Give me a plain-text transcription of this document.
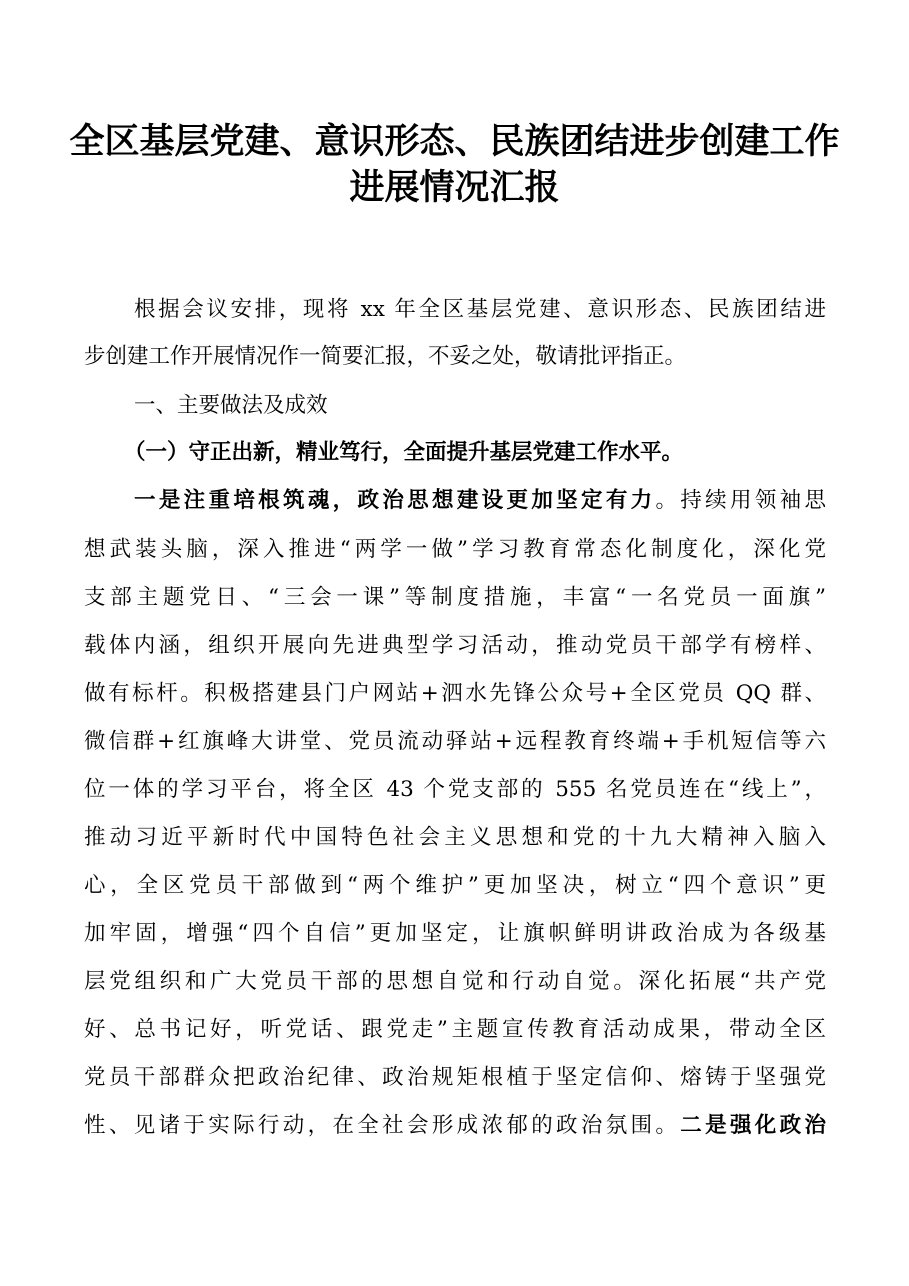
全区基层党建、意识形态、民族团结进步创建工作
进展情况汇报
根据会议安排，现将 xx 年全区基层党建、意识形态、民族团结进
步创建工作开展情况作一简要汇报，不妥之处，敬请批评指正。
一、主要做法及成效
（一）守正出新，精业笃行，全面提升基层党建工作水平。
一是注重培根筑魂，政治思想建设更加坚定有力。持续用领袖思
想武装头脑，深入推进“两学一做”学习教育常态化制度化，深化党
支部主题党日、“三会一课”等制度措施，丰富“一名党员一面旗”
载体内涵，组织开展向先进典型学习活动，推动党员干部学有榜样、
做有标杆。积极搭建县门户网站+泗水先锋公众号+全区党员 QQ 群、
微信群+红旗峰大讲堂、党员流动驿站+远程教育终端+手机短信等六
位一体的学习平台，将全区 43 个党支部的 555 名党员连在“线上”，
推动习近平新时代中国特色社会主义思想和党的十九大精神入脑入
心，全区党员干部做到“两个维护”更加坚决，树立“四个意识”更
加牢固，增强“四个自信”更加坚定，让旗帜鲜明讲政治成为各级基
层党组织和广大党员干部的思想自觉和行动自觉。深化拓展“共产党
好、总书记好，听党话、跟党走”主题宣传教育活动成果，带动全区
党员干部群众把政治纪律、政治规矩根植于坚定信仰、熔铸于坚强党
性、见诸于实际行动，在全社会形成浓郁的政治氛围。二是强化政治
